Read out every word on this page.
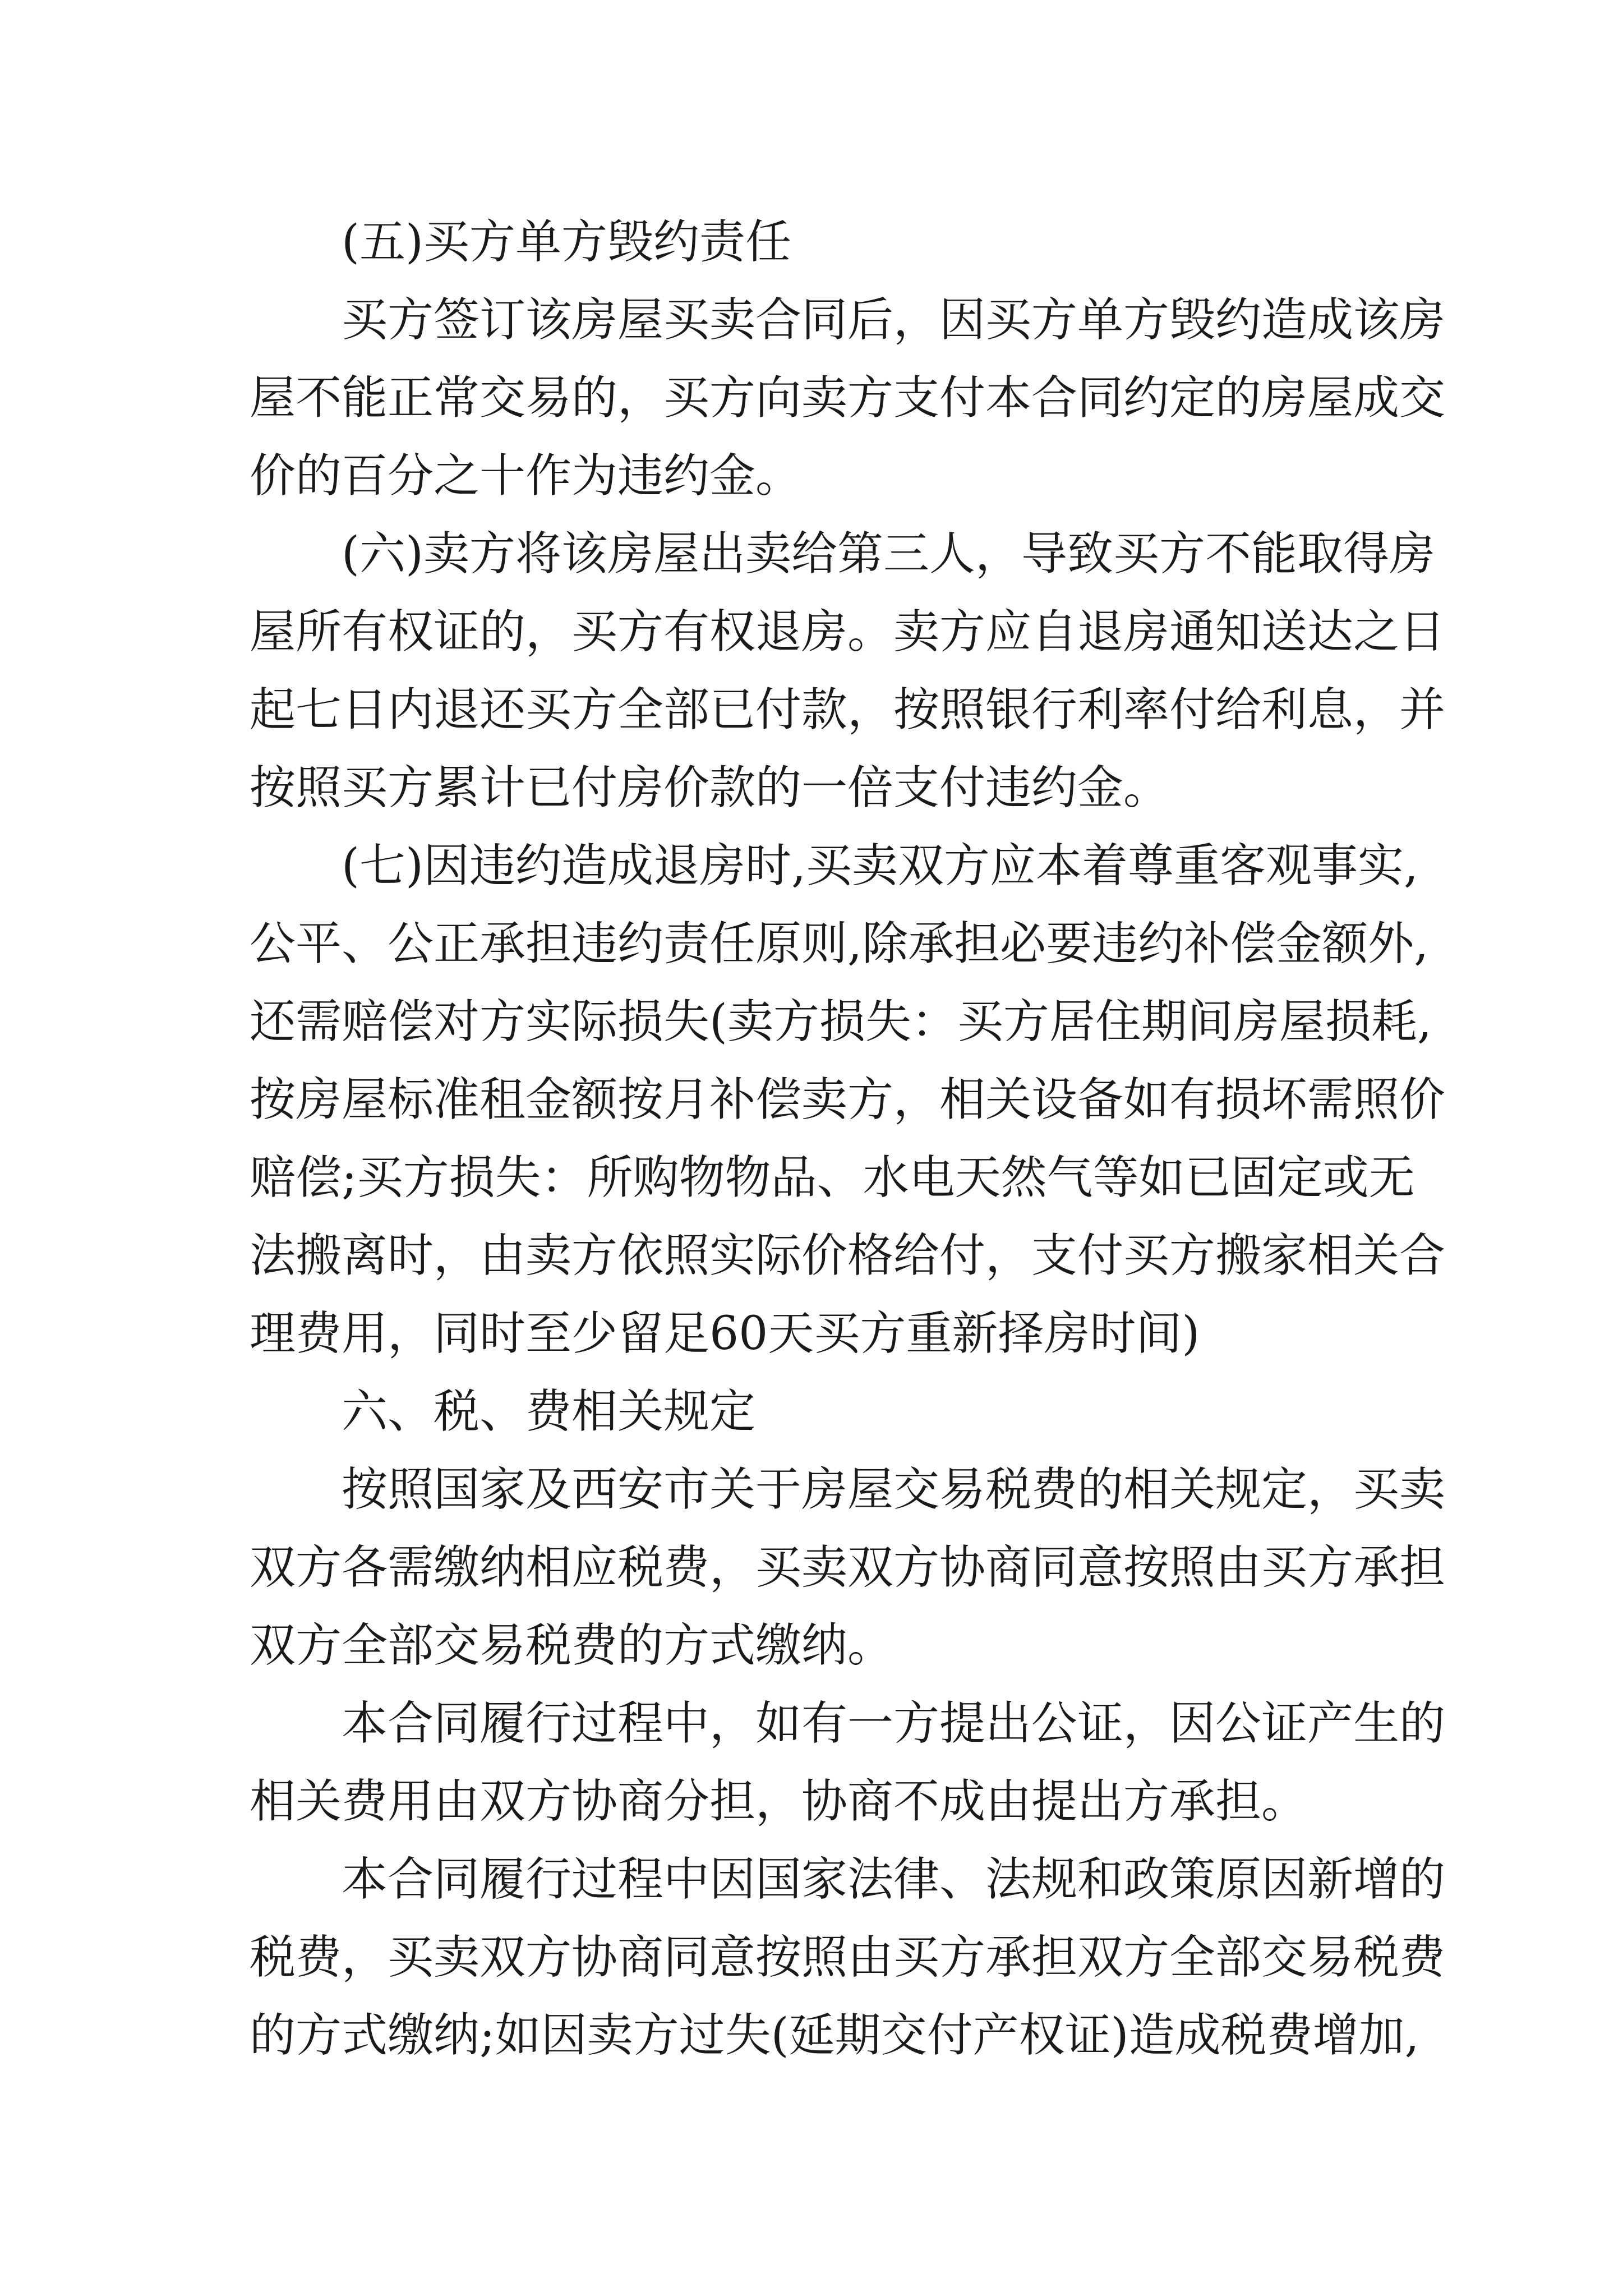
(五)买方单方毁约责任
买方签订该房屋买卖合同后，因买方单方毁约造成该房
屋不能正常交易的，买方向卖方支付本合同约定的房屋成交
价的百分之十作为违约金。
(六)卖方将该房屋出卖给第三人，导致买方不能取得房
屋所有权证的，买方有权退房。卖方应自退房通知送达之日
起七日内退还买方全部已付款，按照银行利率付给利息，并
按照买方累计已付房价款的一倍支付违约金。
(七)因违约造成退房时,买卖双方应本着尊重客观事实,
公平、公正承担违约责任原则,除承担必要违约补偿金额外,
还需赔偿对方实际损失(卖方损失：买方居住期间房屋损耗,
按房屋标准租金额按月补偿卖方，相关设备如有损坏需照价
赔偿;买方损失：所购物物品、水电天然气等如已固定或无
法搬离时，由卖方依照实际价格给付，支付买方搬家相关合
理费用，同时至少留足60天买方重新择房时间)
六、税、费相关规定
按照国家及西安市关于房屋交易税费的相关规定，买卖
双方各需缴纳相应税费，买卖双方协商同意按照由买方承担
双方全部交易税费的方式缴纳。
本合同履行过程中，如有一方提出公证，因公证产生的
相关费用由双方协商分担，协商不成由提出方承担。
本合同履行过程中因国家法律、法规和政策原因新增的
税费，买卖双方协商同意按照由买方承担双方全部交易税费
的方式缴纳;如因卖方过失(延期交付产权证)造成税费增加,
